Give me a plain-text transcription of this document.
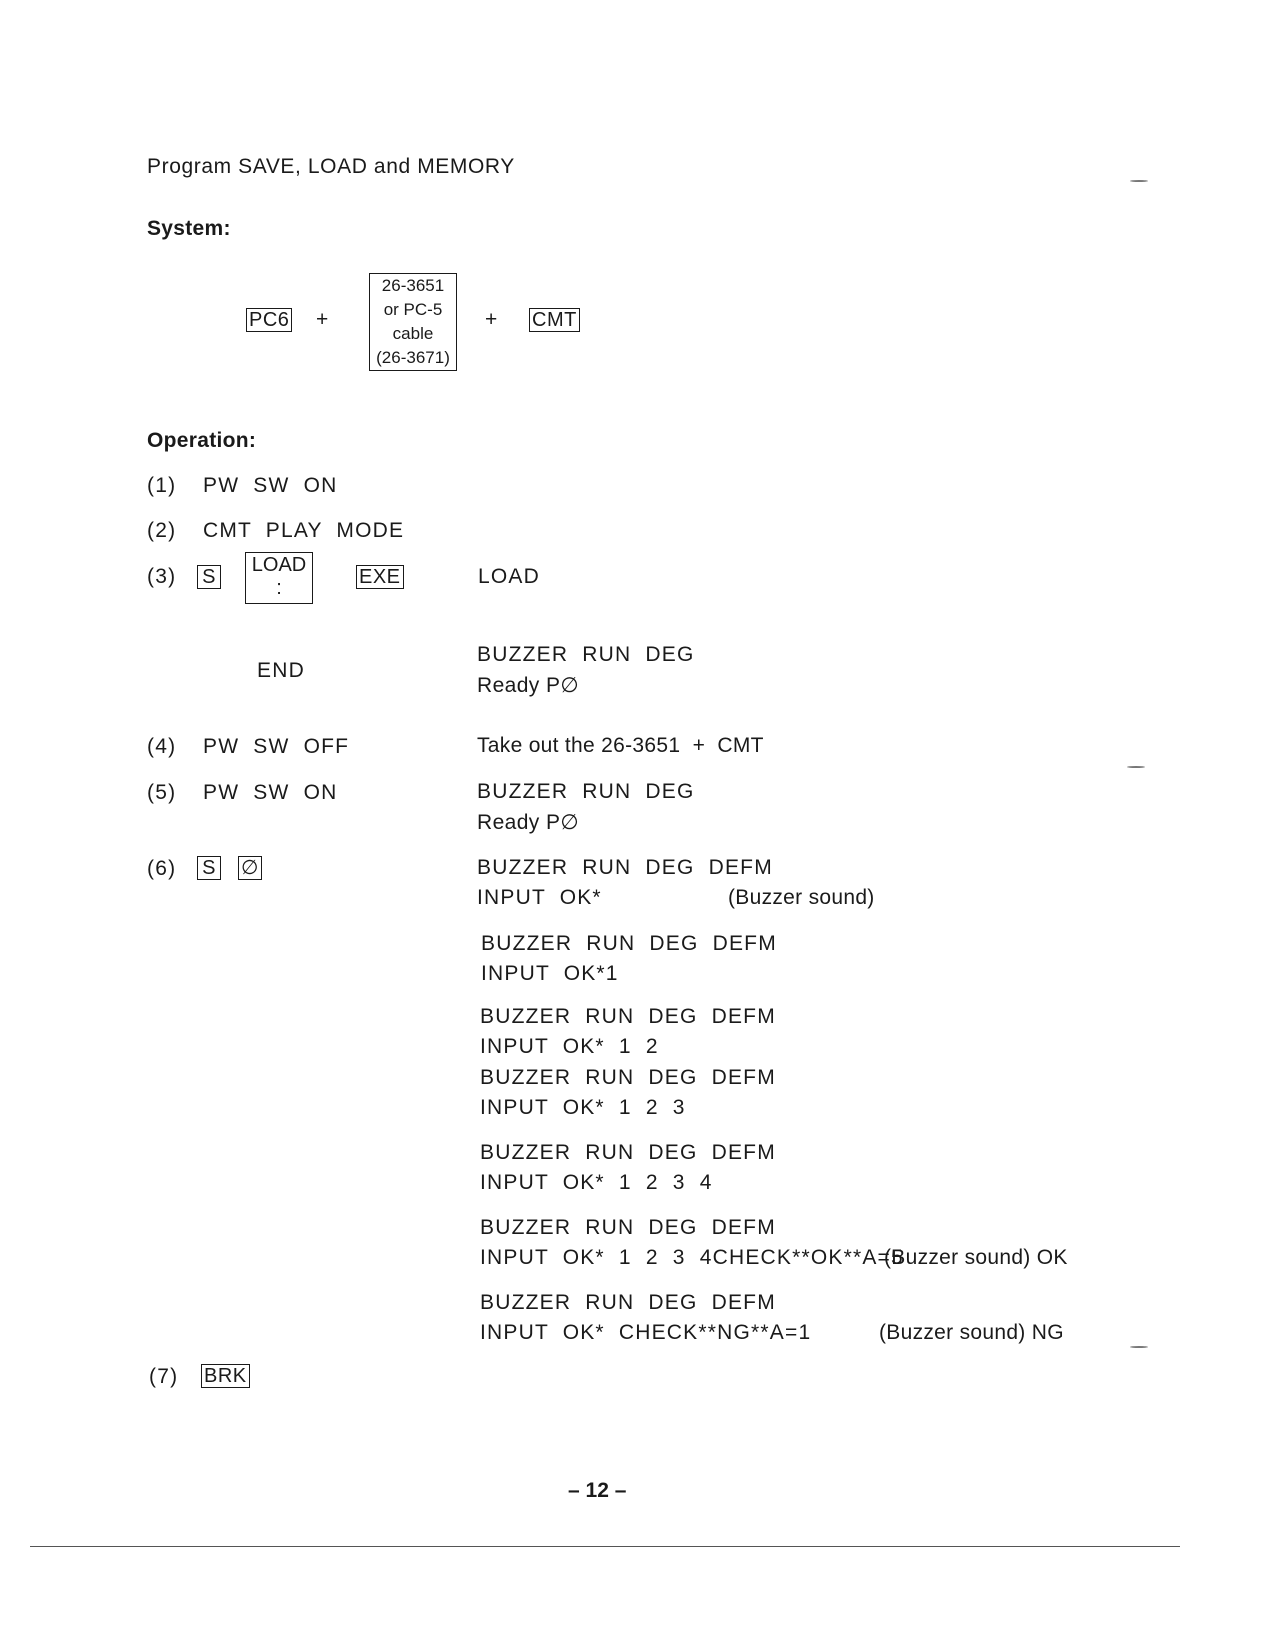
Program SAVE, LOAD and MEMORY
System:
PC6 +
26-3651
or PC-5
cable
(26-3671)
+ CMT
Operation:
(1) PW  SW  ON
(2) CMT  PLAY  MODE
(3) S
LOAD
:	EXE	LOAD
END
BUZZER  RUN  DEG
Ready P∅
(4) PW  SW  OFF	Take out the 26-3651  +  CMT
(5) PW  SW  ON	BUZZER  RUN  DEG
Ready P∅
(6) S ∅	BUZZER  RUN  DEG  DEFM
INPUT  OK*	(Buzzer sound)
BUZZER  RUN  DEG  DEFM
INPUT  OK*1
BUZZER  RUN  DEG  DEFM
INPUT  OK*  1  2
BUZZER  RUN  DEG  DEFM
INPUT  OK*  1  2  3
BUZZER  RUN  DEG  DEFM
INPUT  OK*  1  2  3  4
BUZZER  RUN  DEG  DEFM
INPUT  OK*  1  2  3  4CHECK**OK**A=5
(Buzzer sound) OK
BUZZER  RUN  DEG  DEFM
INPUT  OK*  CHECK**NG**A=1	(Buzzer sound) NG
(7) BRK
– 12 –
